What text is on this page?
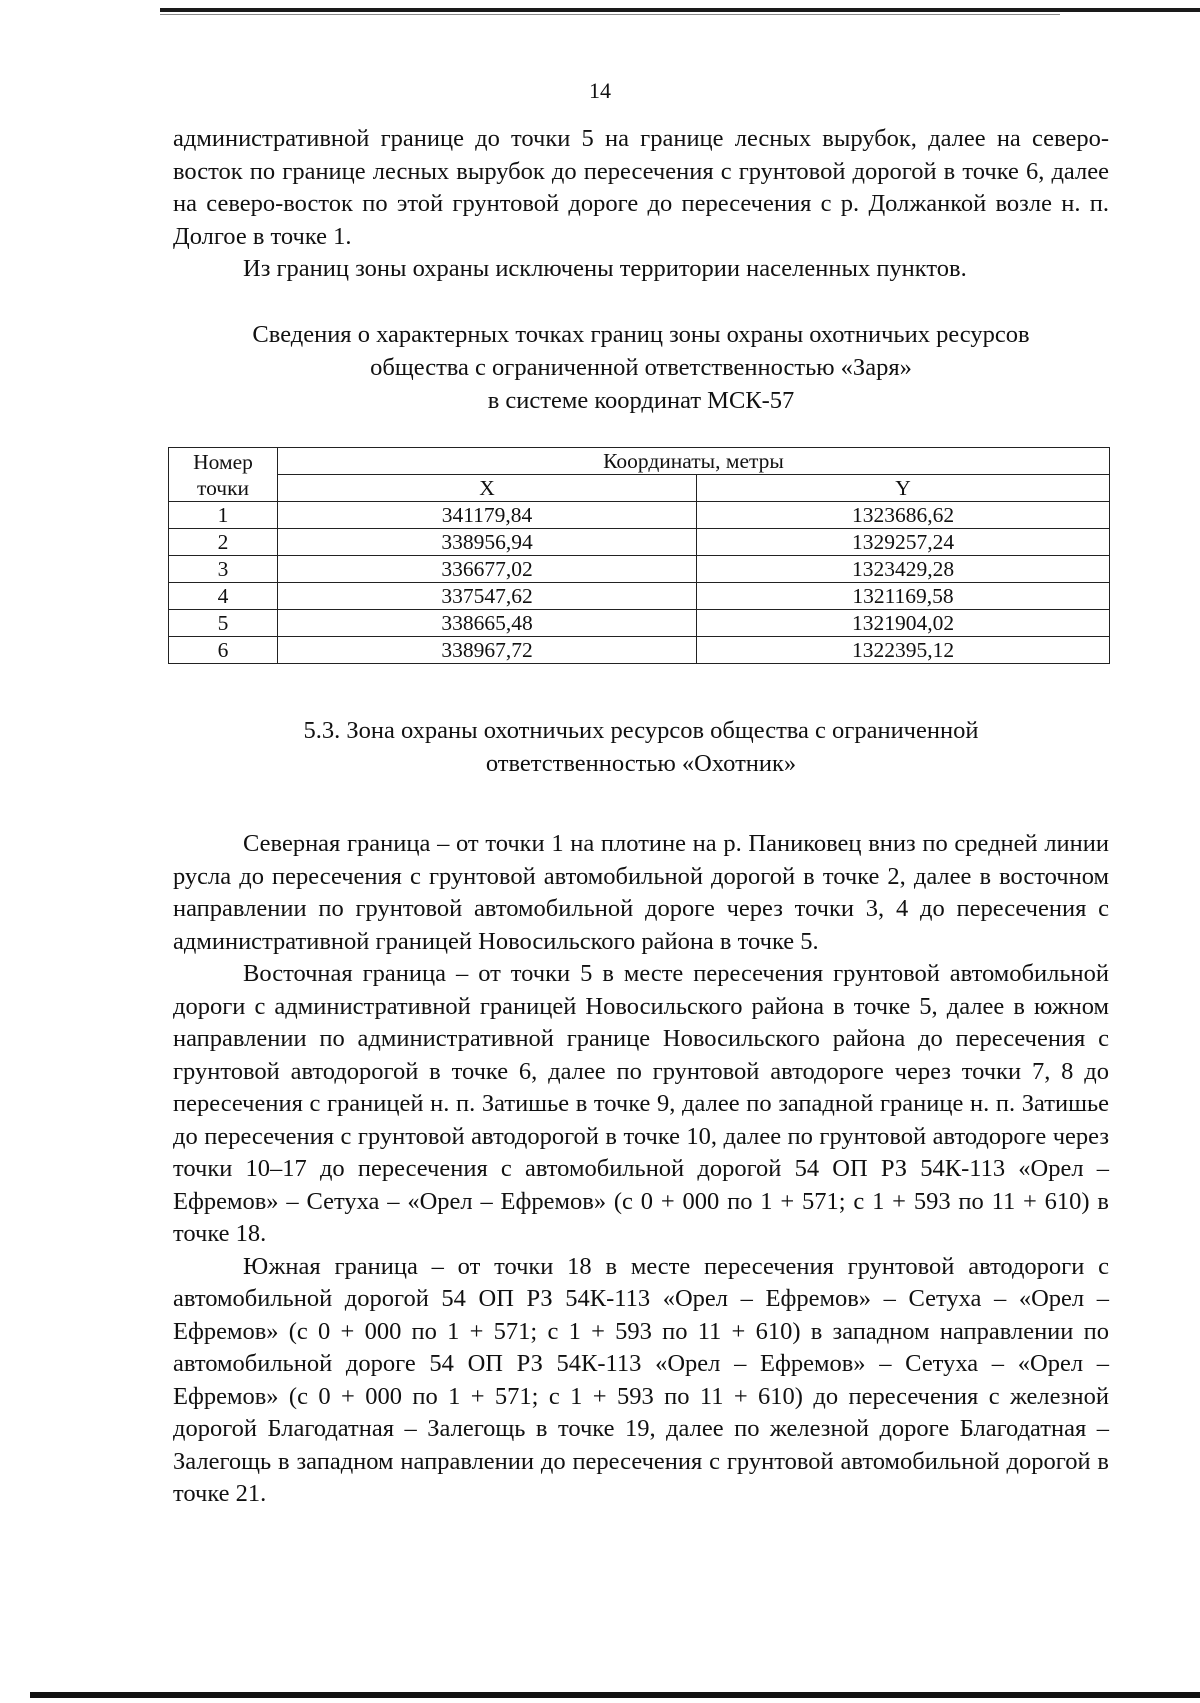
14

административной границе до точки 5 на границе лесных вырубок, далее на северо-восток по границе лесных вырубок до пересечения с грунтовой дорогой в точке 6, далее на северо-восток по этой грунтовой дороге до пересечения с р. Должанкой возле н. п. Долгое в точке 1.

Из границ зоны охраны исключены территории населенных пунктов.

Сведения о характерных точках границ зоны охраны охотничьих ресурсов
общества с ограниченной ответственностью «Заря»
в системе координат МСК-57
Номер
точки	Координаты, метры	
	X	Y
1	341179,84	1323686,62
2	338956,94	1329257,24
3	336677,02	1323429,28
4	337547,62	1321169,58
5	338665,48	1321904,02
6	338967,72	1322395,12
5.3. Зона охраны охотничьих ресурсов общества с ограниченной
ответственностью «Охотник»

Северная граница – от точки 1 на плотине на р. Паниковец вниз по средней линии русла до пересечения с грунтовой автомобильной дорогой в точке 2, далее в восточном направлении по грунтовой автомобильной дороге через точки 3, 4 до пересечения с административной границей Новосильского района в точке 5.

Восточная граница – от точки 5 в месте пересечения грунтовой автомобильной дороги с административной границей Новосильского района в точке 5, далее в южном направлении по административной границе Новосильского района до пересечения с грунтовой автодорогой в точке 6, далее по грунтовой автодороге через точки 7, 8 до пересечения с границей н. п. Затишье в точке 9, далее по западной границе н. п. Затишье до пересечения с грунтовой автодорогой в точке 10, далее по грунтовой автодороге через точки 10–17 до пересечения с автомобильной дорогой 54 ОП РЗ 54К-113 «Орел – Ефремов» – Сетуха – «Орел – Ефремов» (с 0 + 000 по 1 + 571; с 1 + 593 по 11 + 610) в точке 18.

Южная граница – от точки 18 в месте пересечения грунтовой автодороги с автомобильной дорогой 54 ОП РЗ 54К-113 «Орел – Ефремов» – Сетуха – «Орел – Ефремов» (с 0 + 000 по 1 + 571; с 1 + 593 по 11 + 610) в западном направлении по автомобильной дороге 54 ОП РЗ 54К-113 «Орел – Ефремов» – Сетуха – «Орел – Ефремов» (с 0 + 000 по 1 + 571; с 1 + 593 по 11 + 610) до пересечения с железной дорогой Благодатная – Залегощь в точке 19, далее по железной дороге Благодатная – Залегощь в западном направлении до пересечения с грунтовой автомобильной дорогой в точке 21.
